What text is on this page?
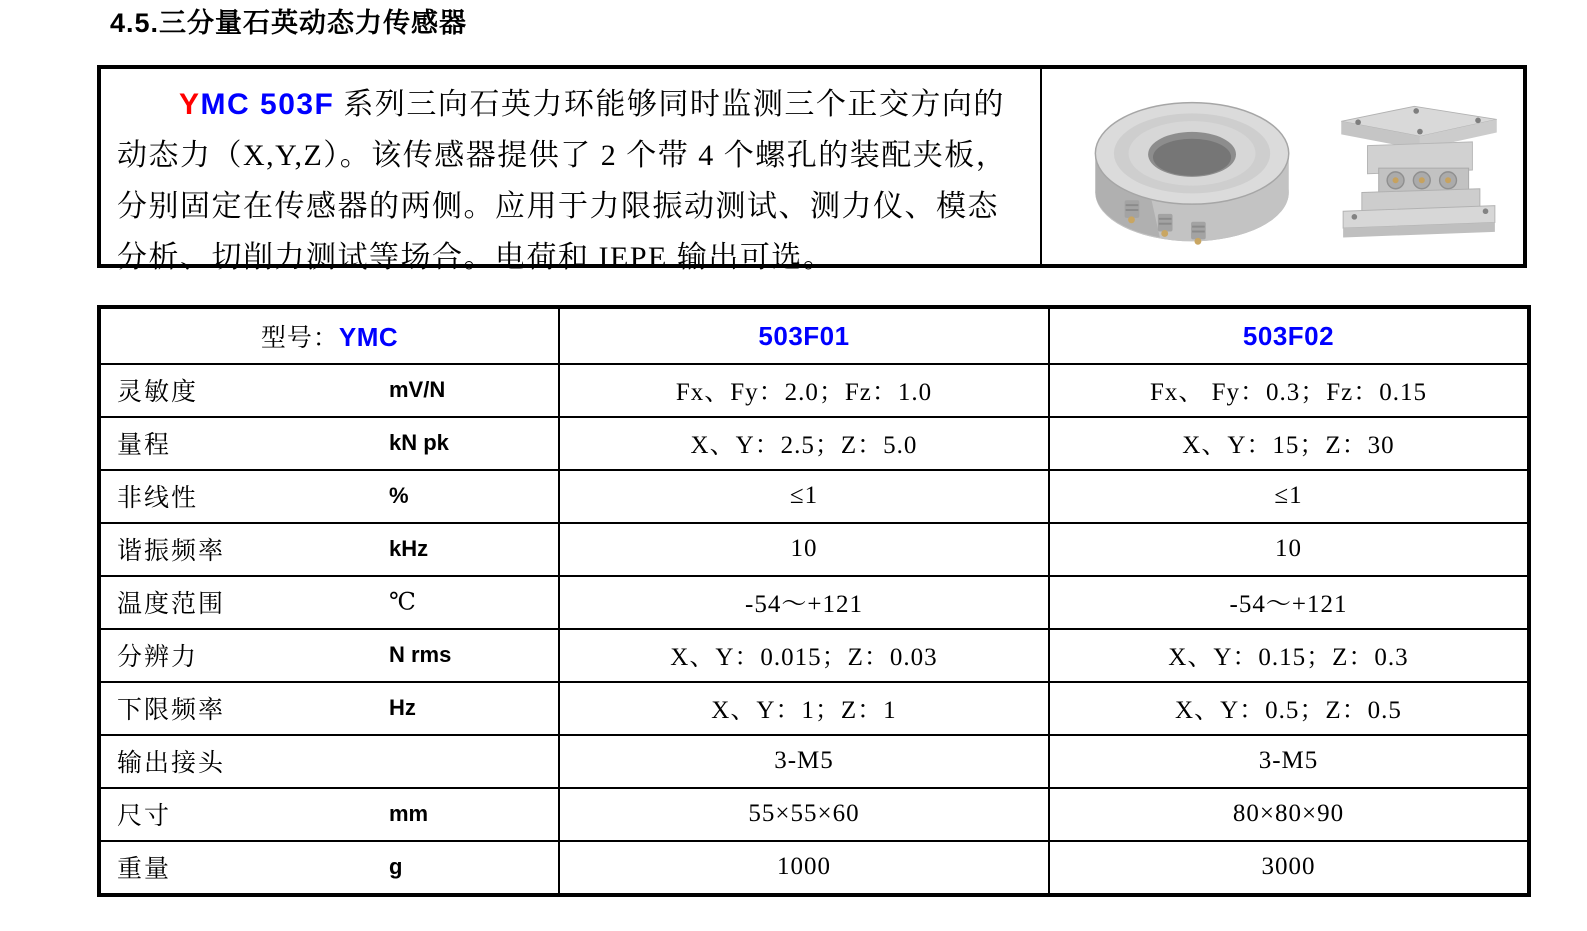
4.5.三分量石英动态力传感器
YMC 503F 系列三向石英力环能够同时监测三个正交方向的
动态力（X,Y,Z）。该传感器提供了 2 个带 4 个螺孔的装配夹板，
分别固定在传感器的两侧。应用于力限振动测试、测力仪、模态
分析、切削力测试等场合。电荷和 IEPE 输出可选。
型号：YMC	503F01	503F02
灵敏度 mV/N	Fx、Fy：2.0；Fz：1.0	Fx、 Fy：0.3；Fz：0.15
量程 kN pk	X、Y：2.5；Z：5.0	X、Y：15；Z：30
非线性 %	≤1	≤1
谐振频率 kHz	10	10
温度范围 ℃	-54～+121	-54～+121
分辨力 N rms	X、Y：0.015；Z：0.03	X、Y：0.15；Z：0.3
下限频率 Hz	X、Y：1；Z：1	X、Y：0.5；Z：0.5
输出接头	3-M5	3-M5
尺寸 mm	55×55×60	80×80×90
重量 g	1000	3000
